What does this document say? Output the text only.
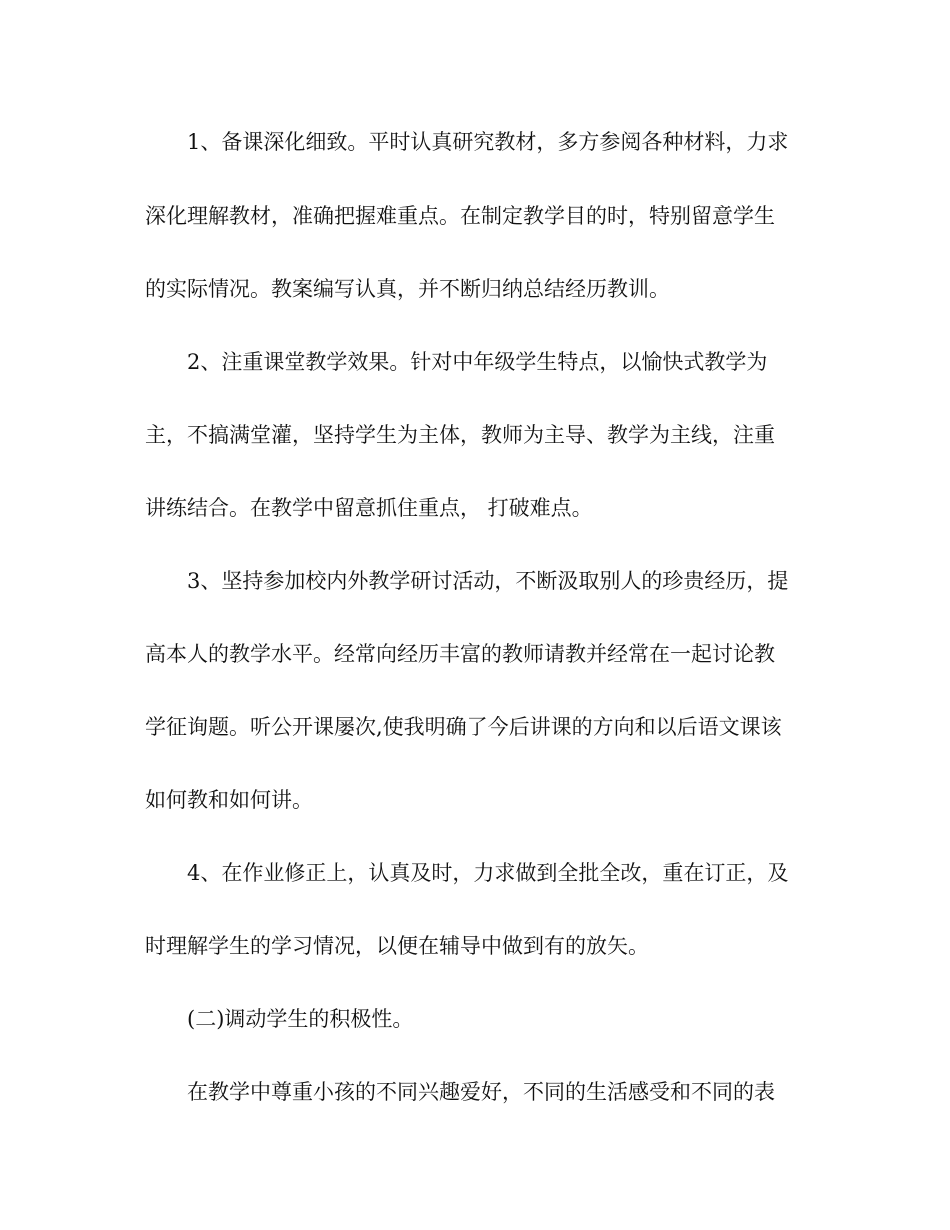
1、备课深化细致。平时认真研究教材，多方参阅各种材料，力求
深化理解教材，准确把握难重点。在制定教学目的时，特别留意学生
的实际情况。教案编写认真，并不断归纳总结经历教训。
2、注重课堂教学效果。针对中年级学生特点，以愉快式教学为
主，不搞满堂灌，坚持学生为主体，教师为主导、教学为主线，注重
讲练结合。在教学中留意抓住重点， 打破难点。
3、坚持参加校内外教学研讨活动，不断汲取别人的珍贵经历，提
高本人的教学水平。经常向经历丰富的教师请教并经常在一起讨论教
学征询题。听公开课屡次,使我明确了今后讲课的方向和以后语文课该
如何教和如何讲。
4、在作业修正上，认真及时，力求做到全批全改，重在订正，及
时理解学生的学习情况，以便在辅导中做到有的放矢。
(二)调动学生的积极性。
在教学中尊重小孩的不同兴趣爱好，不同的生活感受和不同的表
